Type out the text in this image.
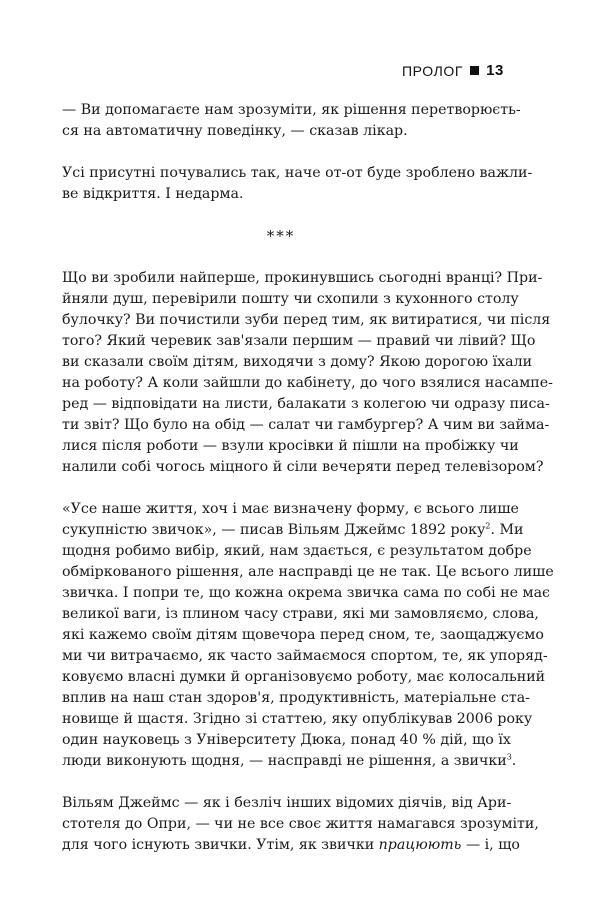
ПРОЛОГ 13
— Ви допомагаєте нам зрозуміти, як рішення перетворюєть-
ся на автоматичну поведінку, — сказав лікар.
Усі присутні почувались так, наче от-от буде зроблено важли-
ве відкриття. І недарма.
***
Що ви зробили найперше, прокинувшись сьогодні вранці? При-
йняли душ, перевірили пошту чи схопили з кухонного столу
булочку? Ви почистили зуби перед тим, як витиратися, чи після
того? Який черевик зав'язали першим — правий чи лівий? Що
ви сказали своїм дітям, виходячи з дому? Якою дорогою їхали
на роботу? А коли зайшли до кабінету, до чого взялися насампе-
ред — відповідати на листи, балакати з колегою чи одразу писа-
ти звіт? Що було на обід — салат чи гамбургер? А чим ви займа-
лися після роботи — взули кросівки й пішли на пробіжку чи
налили собі чогось міцного й сіли вечеряти перед телевізором?
«Усе наше життя, хоч і має визначену форму, є всього лише
сукупністю звичок», — писав Вільям Джеймс 1892 року$^2$. Ми
щодня робимо вибір, який, нам здається, є результатом добре
обміркованого рішення, але насправді це не так. Це всього лише
звичка. І попри те, що кожна окрема звичка сама по собі не має
великої ваги, із плином часу страви, які ми замовляємо, слова,
які кажемо своїм дітям щовечора перед сном, те, заощаджуємо
ми чи витрачаємо, як часто займаємося спортом, те, як упоряд-
ковуємо власні думки й організовуємо роботу, має колосальний
вплив на наш стан здоров'я, продуктивність, матеріальне ста-
новище й щастя. Згідно зі статтею, яку опублікував 2006 року
один науковець з Університету Дюка, понад 40 % дій, що їх
люди виконують щодня, — насправді не рішення, а звички$^3$.
Вільям Джеймс — як і безліч інших відомих діячів, від Ари-
стотеля до Опри, — чи не все своє життя намагався зрозуміти,
для чого існують звички. Утім, як звички працюють — і, що
